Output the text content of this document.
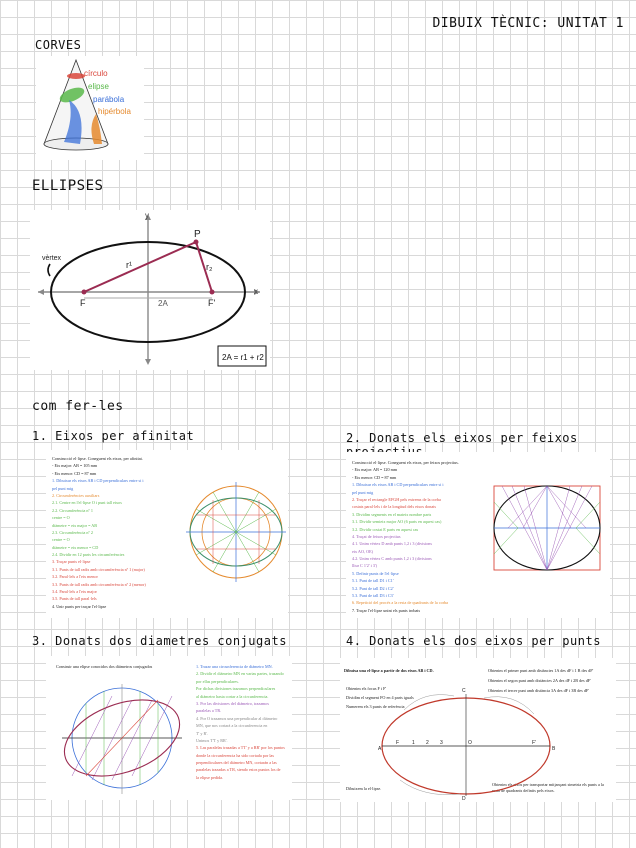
DIBUIX TÈCNIC: UNITAT 1
CORVES
círculo
elipse
parábola
hipérbola
ELLIPSES
y
x
2A
P
r¹	r₂
F	F'
vèrtex
2A = r1 + r2
com fer-les
1. Eixos per afinitat

Construcció el·lipse. Coneguent els eixos, per afinitat.

- Eix major: AB = 105 mm

- Eix menor: CD = 87 mm

1. Dibuixar els eixos AB i CD perpendiculars entre si i

pel punt mig

2. Circumferències auxiliars

2.1. Centre en l'el·lipse O i punt tall eixos

2.2. Circumferència nº 1

centre = O

diàmetre = eix major = AB

2.3. Circumferència nº 2

centre = O

diàmetre = eix menor = CD

2.4. Dividir en 12 parts les circumferències

3. Traçar punts el·lipse

3.1. Punts de tall radis amb circumferència nº 1 (major)

3.2. Paral·lels a l'eix menor

3.3. Punts de tall radis amb circumferència nº 2 (menor)

3.4. Paral·lels a l'eix major

3.5. Punts de tall paral·lels

4. Unir punts per traçar l'el·lipse

2. Donats els eixos per feixos

Construcció el·lipse. Coneguent els eixos, per feixos projectius.

- Eix major: AB = 120 mm

- Eix menor: CD = 87 mm

1. Dibuixar els eixos AB i CD perpendiculars entre si i

pel punt mig

2. Traçar el rectangle EFGH pels extrems de la corba

costats paral·lels i de la longitud dels eixos donats

3. Dividim segments en el mateix nombre parts

3.1. Dividir semieix major AO (6 parts en aquest cas)

3.2. Dividir costat E parts en aquest cas

4. Traçat de feixos projectius

4.1. Unim vèrtex D amb punts 1,2 i 3 (divisions

eix AO, OE)

4.2. Unim vèrtex C amb punts 1,2 i 3 (divisions

lliur C 1'2' i 3')

5. Definir punts de l'el·lipse

5.1. Punt de tall D1 i C1'

5.2. Punt de tall D2 i C2'

5.3. Punt de tall D3 i C3'

6. Repetició del procés a la resta de quadrants de la corba

7. Traçar l'el·lipse unint els punts trobats

3. Donats dos diametres conjugats
Construir una elipse conocidos dos diámetros conjugados	1. Trazar una circunferencia de diámetro MN.

2. Dividir el diámetro MN en varias partes, trazando

por ellas perpendiculares.

Por dichas divisiones trazamos perpendiculares

al diámetro hasta cortar a la circunferencia.

3. Por las divisiones del diámetro, trazamos

paralelas a TR.

4. Por O trazamos una perpendicular al diámetro

MN, que nos cortará a la circunferencia en

T' y R'.

Unimos T'T y RR'.

5. Las paralelas trazadas a TT' y a RR' por los puntos

donde la circunferencia ha sido cortada por las

perpendiculares del diámetro MN, cortarán a las

paralelas trazadas a TR, siendo estos puntos los de

la elipse pedida.

4. Donats els dos eixos per punts
Dibuixa una el·lipse a partir de dos eixos AB i CD.
Obtenim els focus F i F'
Dividim el segment FO en 4 parts iguals
Numerem els 3 punts de referència
Obtenim el primer punt amb distàncies 1A des dF i 1 B des dF'
Obtenim el segon punt amb distàncies 2A des dF i 2B des dF'
Obtenim el tercer punt amb distància 3A des dF i 3B des dF'
Dibuixem la el·lipse.
Obtenim els eixos per transportar mitjançant simetria els punts a la resta de quadrants definits pels eixos.
A	B
C
D
F	F'
O
1 2 3
